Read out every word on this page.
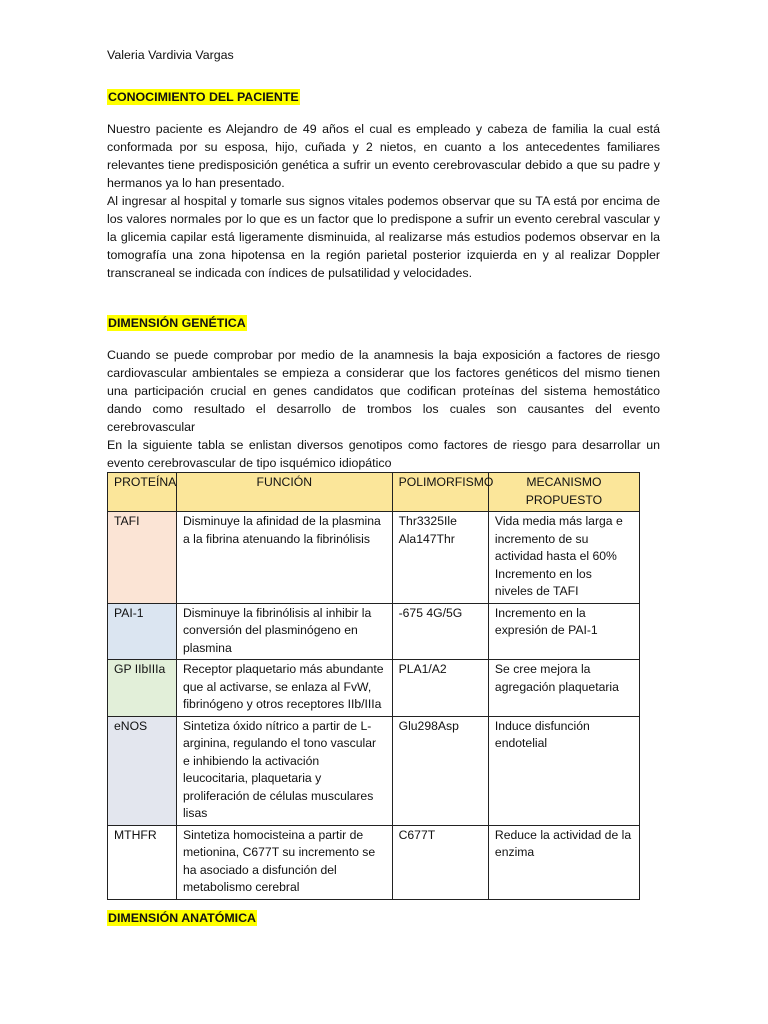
Valeria Vardivia Vargas
CONOCIMIENTO DEL PACIENTE

Nuestro paciente es Alejandro de 49 años el cual es empleado y cabeza de familia la cual está conformada por su esposa, hijo, cuñada y 2 nietos, en cuanto a los antecedentes familiares relevantes tiene predisposición genética a sufrir un evento cerebrovascular debido a que su padre y hermanos ya lo han presentado.

Al ingresar al hospital y tomarle sus signos vitales podemos observar que su TA está por encima de los valores normales por lo que es un factor que lo predispone a sufrir un evento cerebral vascular y la glicemia capilar está ligeramente disminuida, al realizarse más estudios podemos observar en la tomografía una zona hipotensa en la región parietal posterior izquierda en y al realizar Doppler transcraneal se indicada con índices de pulsatilidad y velocidades.

DIMENSIÓN GENÉTICA

Cuando se puede comprobar por medio de la anamnesis la baja exposición a factores de riesgo cardiovascular ambientales se empieza a considerar que los factores genéticos del mismo tienen una participación crucial en genes candidatos que codifican proteínas del sistema hemostático dando como resultado el desarrollo de trombos los cuales son causantes del evento cerebrovascular

En la siguiente tabla se enlistan diversos genotipos como factores de riesgo para desarrollar un evento cerebrovascular de tipo isquémico idiopático

PROTEÍNA	FUNCIÓN	POLIMORFISMO	MECANISMO PROPUESTO
TAFI	Disminuye la afinidad de la plasmina a la fibrina atenuando la fibrinólisis	Thr3325Ile Ala147Thr	Vida media más larga e incremento de su actividad hasta el 60% Incremento en los niveles de TAFI
PAI-1	Disminuye la fibrinólisis al inhibir la conversión del plasminógeno en plasmina	-675 4G/5G	Incremento en la expresión de PAI-1
GP IIbIIIa	Receptor plaquetario más abundante que al activarse, se enlaza al FvW, fibrinógeno y otros receptores IIb/IIIa	PLA1/A2	Se cree mejora la agregación plaquetaria
eNOS	Sintetiza óxido nítrico a partir de L-arginina, regulando el tono vascular e inhibiendo la activación leucocitaria, plaquetaria y proliferación de células musculares lisas	Glu298Asp	Induce disfunción endotelial
MTHFR	Sintetiza homocisteina a partir de metionina, C677T su incremento se ha asociado a disfunción del metabolismo cerebral	C677T	Reduce la actividad de la enzima
DIMENSIÓN ANATÓMICA
